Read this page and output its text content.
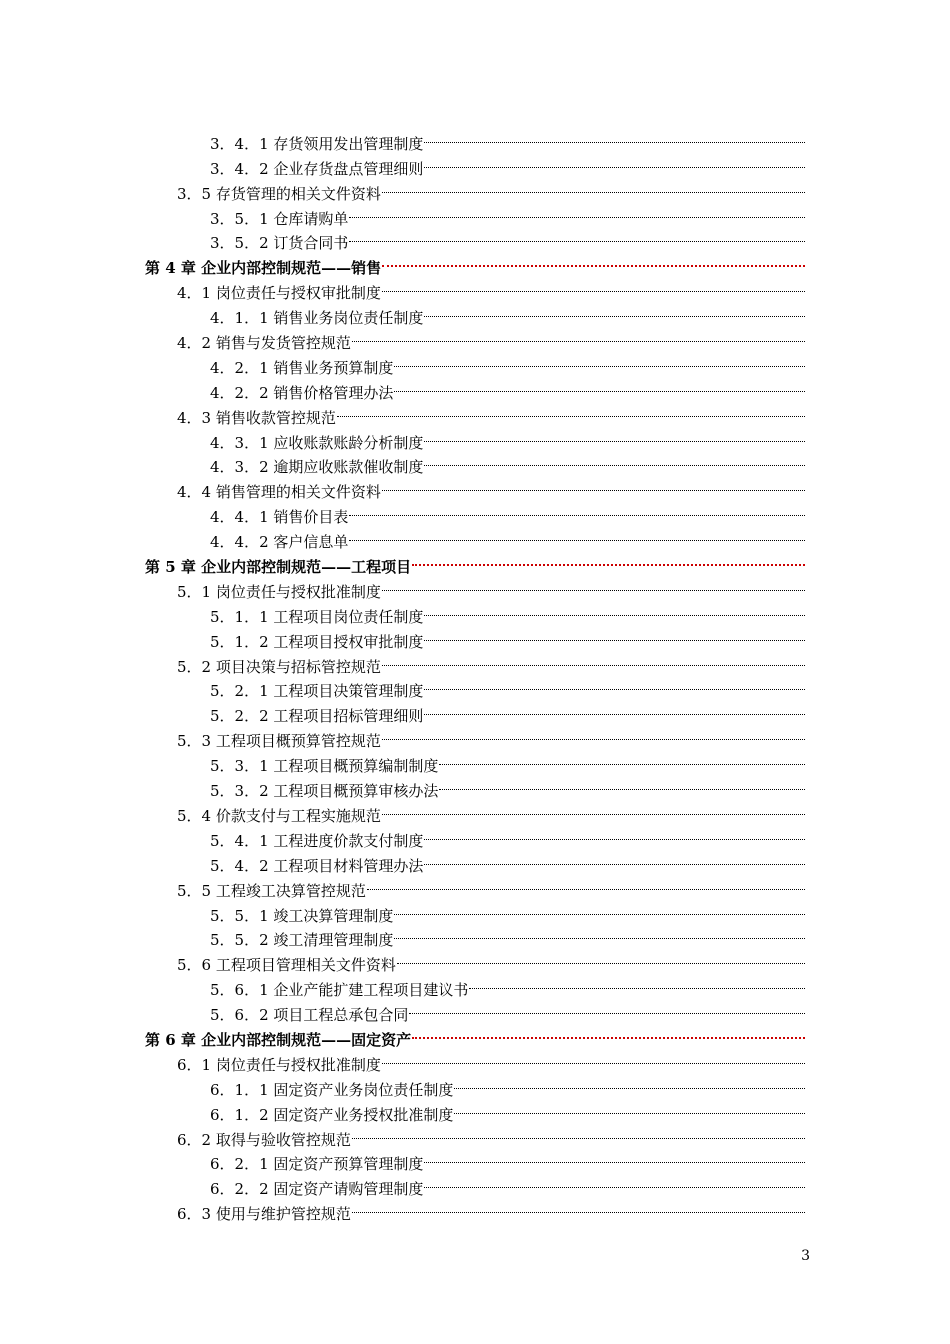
3．4．1 存货领用发出管理制度
3．4．2 企业存货盘点管理细则
3．5 存货管理的相关文件资料
3．5．1 仓库请购单
3．5．2 订货合同书
第 4 章 企业内部控制规范——销售
4．1 岗位责任与授权审批制度
4．1．1 销售业务岗位责任制度
4．2 销售与发货管控规范
4．2．1 销售业务预算制度
4．2．2 销售价格管理办法
4．3 销售收款管控规范
4．3．1 应收账款账龄分析制度
4．3．2 逾期应收账款催收制度
4．4 销售管理的相关文件资料
4．4．1 销售价目表
4．4．2 客户信息单
第 5 章 企业内部控制规范——工程项目
5．1 岗位责任与授权批准制度
5．1．1 工程项目岗位责任制度
5．1．2 工程项目授权审批制度
5．2 项目决策与招标管控规范
5．2．1 工程项目决策管理制度
5．2．2 工程项目招标管理细则
5．3 工程项目概预算管控规范
5．3．1 工程项目概预算编制制度
5．3．2 工程项目概预算审核办法
5．4 价款支付与工程实施规范
5．4．1 工程进度价款支付制度
5．4．2 工程项目材料管理办法
5．5 工程竣工决算管控规范
5．5．1 竣工决算管理制度
5．5．2 竣工清理管理制度
5．6 工程项目管理相关文件资料
5．6．1 企业产能扩建工程项目建议书
5．6．2 项目工程总承包合同
第 6 章 企业内部控制规范——固定资产
6．1 岗位责任与授权批准制度
6．1．1 固定资产业务岗位责任制度
6．1．2 固定资产业务授权批准制度
6．2 取得与验收管控规范
6．2．1 固定资产预算管理制度
6．2．2 固定资产请购管理制度
6．3 使用与维护管控规范
3
